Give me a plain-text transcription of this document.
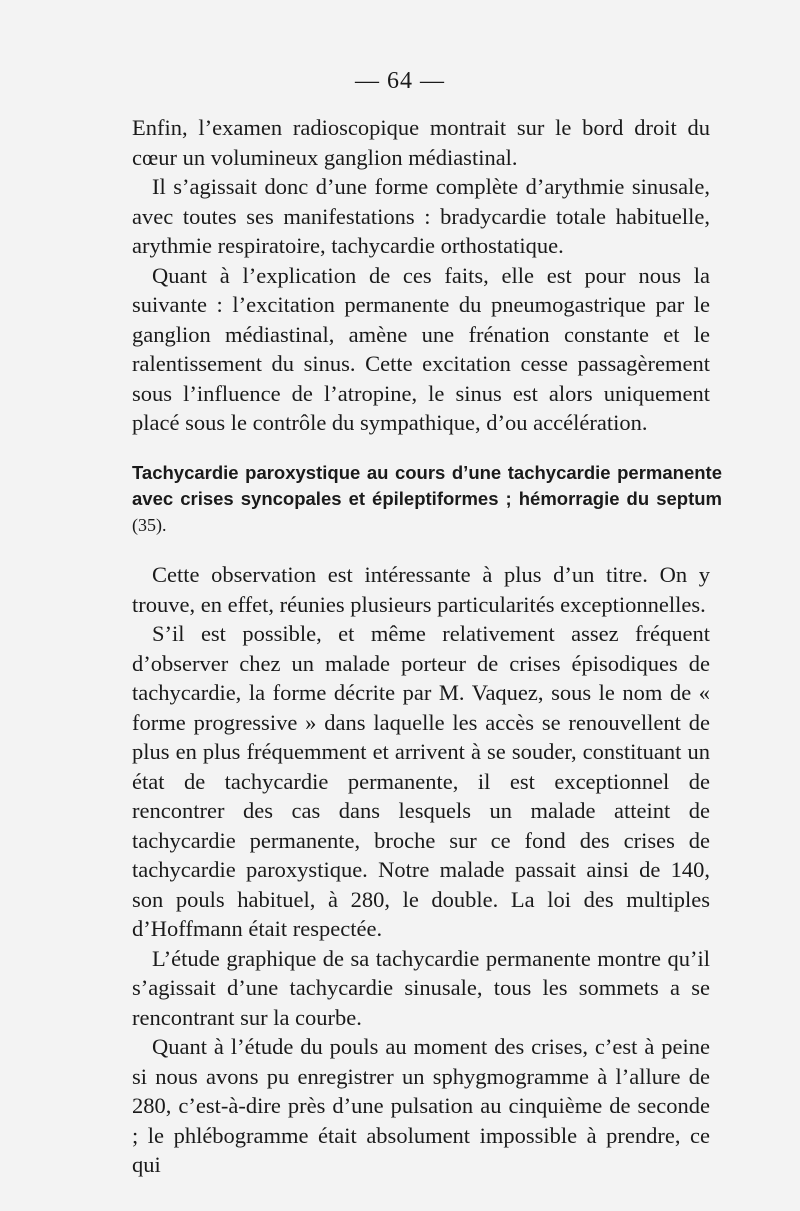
— 64 —

Enfin, l’examen radioscopique montrait sur le bord droit du cœur un volumineux ganglion médiastinal.

Il s’agissait donc d’une forme complète d’arythmie sinusale, avec toutes ses manifestations : bradycardie totale habituelle, arythmie respiratoire, tachycardie orthostatique.

Quant à l’explication de ces faits, elle est pour nous la suivante : l’excitation permanente du pneumogastrique par le ganglion médiastinal, amène une frénation constante et le ralentissement du sinus. Cette excitation cesse passagèrement sous l’influence de l’atropine, le sinus est alors uniquement placé sous le contrôle du sympathique, d’ou accélération.

Tachycardie paroxystique au cours d’une tachycardie permanente avec crises syncopales et épileptiformes ; hémorragie du septum (35).

Cette observation est intéressante à plus d’un titre. On y trouve, en effet, réunies plusieurs particularités exceptionnelles.

S’il est possible, et même relativement assez fréquent d’observer chez un malade porteur de crises épisodiques de tachycardie, la forme décrite par M. Vaquez, sous le nom de « forme progressive » dans laquelle les accès se renouvellent de plus en plus fréquemment et arrivent à se souder, constituant un état de tachycardie permanente, il est exceptionnel de rencontrer des cas dans lesquels un malade atteint de tachycardie permanente, broche sur ce fond des crises de tachycardie paroxystique. Notre malade passait ainsi de 140, son pouls habituel, à 280, le double. La loi des multiples d’Hoffmann était respectée.

L’étude graphique de sa tachycardie permanente montre qu’il s’agissait d’une tachycardie sinusale, tous les sommets a se rencontrant sur la courbe.

Quant à l’étude du pouls au moment des crises, c’est à peine si nous avons pu enregistrer un sphygmogramme à l’allure de 280, c’est-à-dire près d’une pulsation au cinquième de seconde ; le phlébogramme était absolument impossible à prendre, ce qui
